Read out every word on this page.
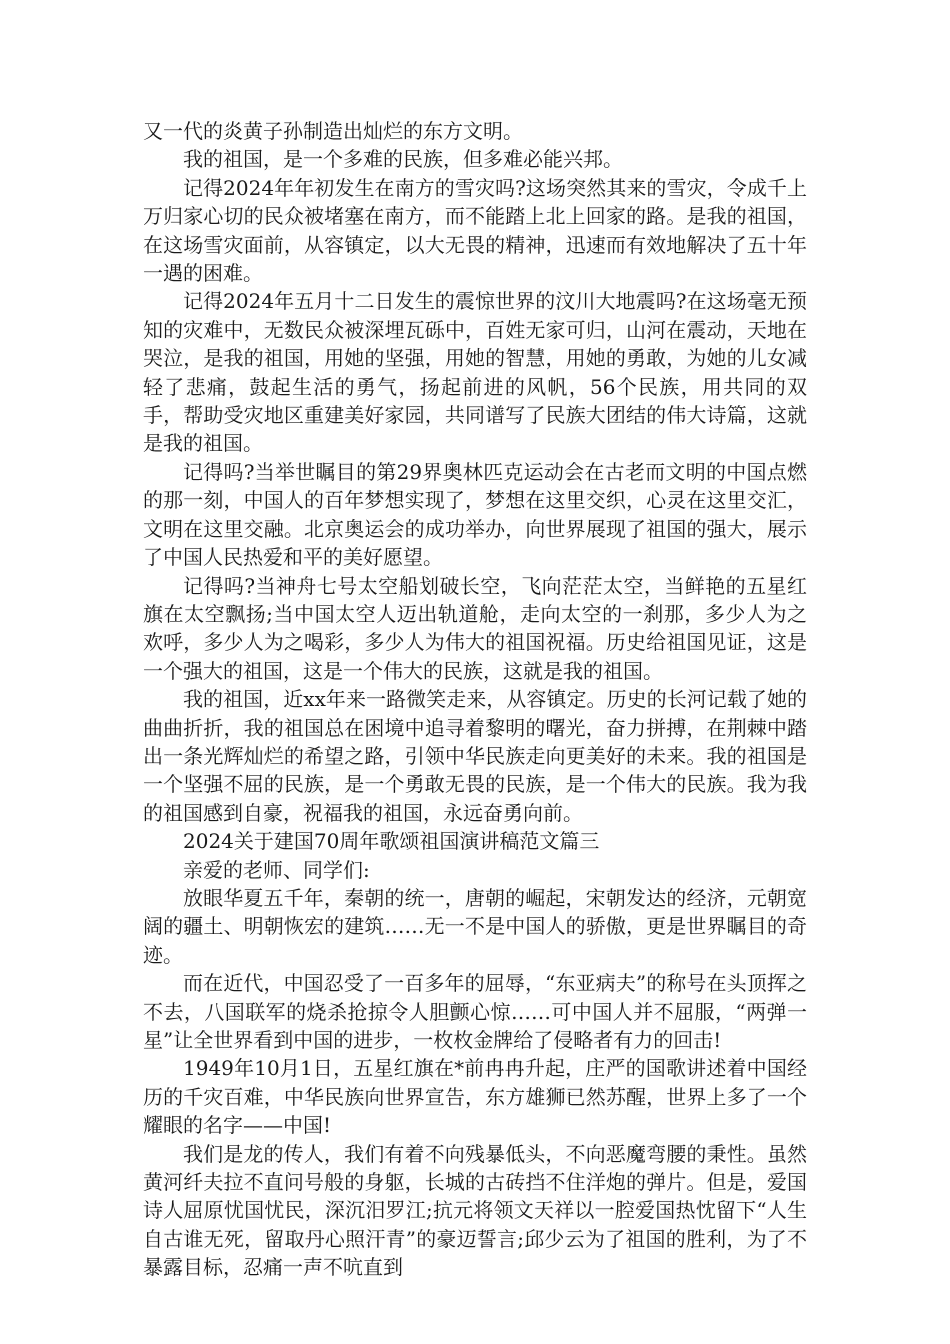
又一代的炎黄子孙制造出灿烂的东方文明。

我的祖国，是一个多难的民族，但多难必能兴邦。

记得2024年年初发生在南方的雪灾吗?这场突然其来的雪灾，令成千上万归家心切的民众被堵塞在南方，而不能踏上北上回家的路。是我的祖国，在这场雪灾面前，从容镇定，以大无畏的精神，迅速而有效地解决了五十年一遇的困难。

记得2024年五月十二日发生的震惊世界的汶川大地震吗?在这场毫无预知的灾难中，无数民众被深埋瓦砾中，百姓无家可归，山河在震动，天地在哭泣，是我的祖国，用她的坚强，用她的智慧，用她的勇敢，为她的儿女减轻了悲痛，鼓起生活的勇气，扬起前进的风帆，56个民族，用共同的双手，帮助受灾地区重建美好家园，共同谱写了民族大团结的伟大诗篇，这就是我的祖国。

记得吗?当举世瞩目的第29界奥林匹克运动会在古老而文明的中国点燃的那一刻，中国人的百年梦想实现了，梦想在这里交织，心灵在这里交汇，文明在这里交融。北京奥运会的成功举办，向世界展现了祖国的强大，展示了中国人民热爱和平的美好愿望。

记得吗?当神舟七号太空船划破长空，飞向茫茫太空，当鲜艳的五星红旗在太空飘扬;当中国太空人迈出轨道舱，走向太空的一刹那，多少人为之欢呼，多少人为之喝彩，多少人为伟大的祖国祝福。历史给祖国见证，这是一个强大的祖国，这是一个伟大的民族，这就是我的祖国。

我的祖国，近xx年来一路微笑走来，从容镇定。历史的长河记载了她的曲曲折折，我的祖国总在困境中追寻着黎明的曙光，奋力拼搏，在荆棘中踏出一条光辉灿烂的希望之路，引领中华民族走向更美好的未来。我的祖国是一个坚强不屈的民族，是一个勇敢无畏的民族，是一个伟大的民族。我为我的祖国感到自豪，祝福我的祖国，永远奋勇向前。

2024关于建国70周年歌颂祖国演讲稿范文篇三

亲爱的老师、同学们:

放眼华夏五千年，秦朝的统一，唐朝的崛起，宋朝发达的经济，元朝宽阔的疆土、明朝恢宏的建筑……无一不是中国人的骄傲，更是世界瞩目的奇迹。

而在近代，中国忍受了一百多年的屈辱，“东亚病夫”的称号在头顶挥之不去，八国联军的烧杀抢掠令人胆颤心惊……可中国人并不屈服，“两弹一星”让全世界看到中国的进步，一枚枚金牌给了侵略者有力的回击!

1949年10月1日，五星红旗在*前冉冉升起，庄严的国歌讲述着中国经历的千灾百难，中华民族向世界宣告，东方雄狮已然苏醒，世界上多了一个耀眼的名字——中国!

我们是龙的传人，我们有着不向残暴低头，不向恶魔弯腰的秉性。虽然黄河纤夫拉不直问号般的身躯，长城的古砖挡不住洋炮的弹片。但是，爱国诗人屈原忧国忧民，深沉汨罗江;抗元将领文天祥以一腔爱国热忱留下“人生自古谁无死，留取丹心照汗青”的豪迈誓言;邱少云为了祖国的胜利，为了不暴露目标，忍痛一声不吭直到
